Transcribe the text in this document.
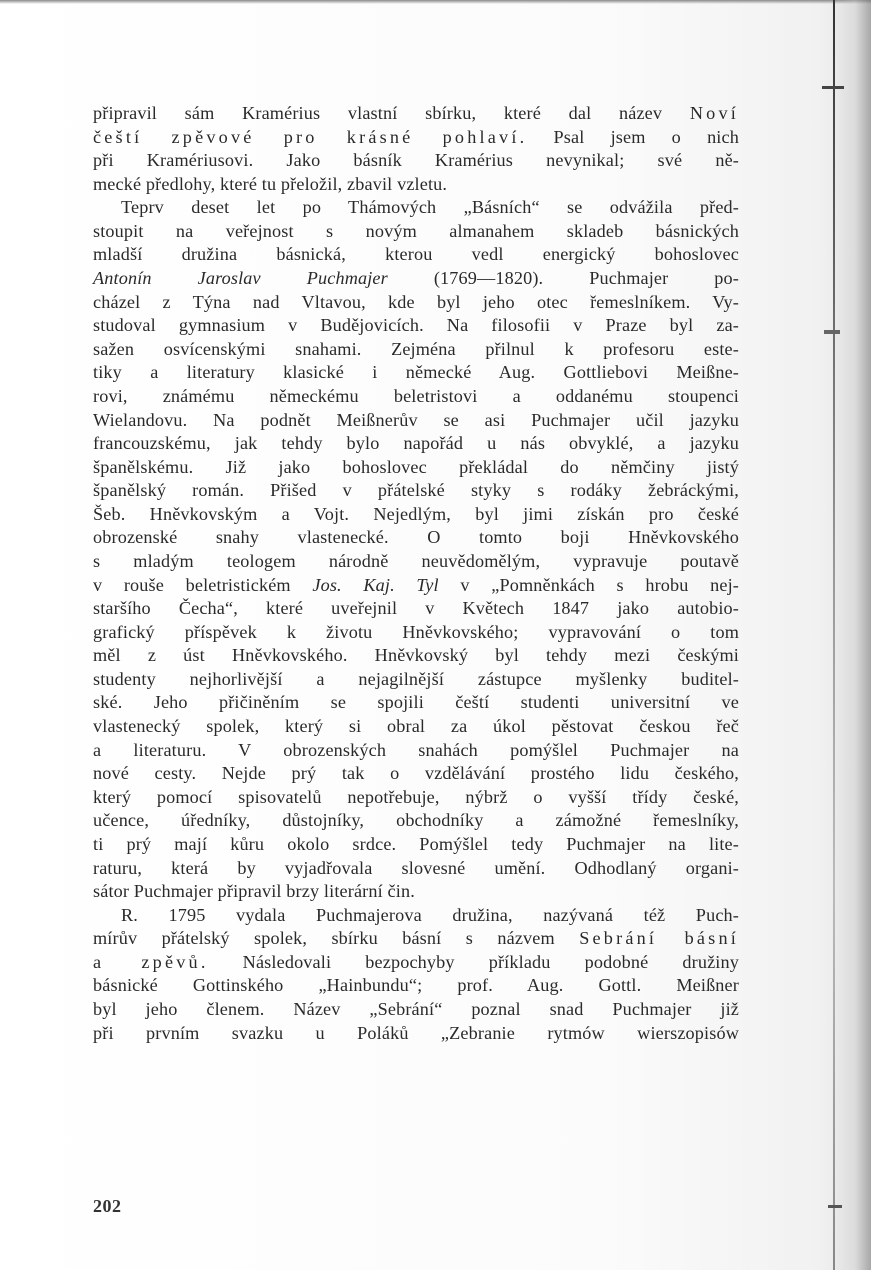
připravil sám Kramérius vlastní sbírku, které dal název Noví
čeští zpěvové pro krásné pohlaví. Psal jsem o nich
při Kramériusovi. Jako básník Kramérius nevynikal; své ně-
mecké předlohy, které tu přeložil, zbavil vzletu.
Teprv deset let po Thámových „Básních“ se odvážila před-
stoupit na veřejnost s novým almanahem skladeb básnických
mladší družina básnická, kterou vedl energický bohoslovec
Antonín Jaroslav Puchmajer (1769—1820). Puchmajer po-
cházel z Týna nad Vltavou, kde byl jeho otec řemeslníkem. Vy-
studoval gymnasium v Budějovicích. Na filosofii v Praze byl za-
sažen osvícenskými snahami. Zejména přilnul k profesoru este-
tiky a literatury klasické i německé Aug. Gottliebovi Meißne-
rovi, známému německému beletristovi a oddanému stoupenci
Wielandovu. Na podnět Meißnerův se asi Puchmajer učil jazyku
francouzskému, jak tehdy bylo napořád u nás obvyklé, a jazyku
španělskému. Již jako bohoslovec překládal do němčiny jistý
španělský román. Přišed v přátelské styky s rodáky žebráckými,
Šeb. Hněvkovským a Vojt. Nejedlým, byl jimi získán pro české
obrozenské snahy vlastenecké. O tomto boji Hněvkovského
s mladým teologem národně neuvědomělým, vypravuje poutavě
v rouše beletristickém Jos. Kaj. Tyl v „Pomněnkách s hrobu nej-
staršího Čecha“, které uveřejnil v Květech 1847 jako autobio-
grafický příspěvek k životu Hněvkovského; vypravování o tom
měl z úst Hněvkovského. Hněvkovský byl tehdy mezi českými
studenty nejhorlivější a nejagilnější zástupce myšlenky buditel-
ské. Jeho přičiněním se spojili čeští studenti universitní ve
vlastenecký spolek, který si obral za úkol pěstovat českou řeč
a literaturu. V obrozenských snahách pomýšlel Puchmajer na
nové cesty. Nejde prý tak o vzdělávání prostého lidu českého,
který pomocí spisovatelů nepotřebuje, nýbrž o vyšší třídy české,
učence, úředníky, důstojníky, obchodníky a zámožné řemeslníky,
ti prý mají kůru okolo srdce. Pomýšlel tedy Puchmajer na lite-
raturu, která by vyjadřovala slovesné umění. Odhodlaný organi-
sátor Puchmajer připravil brzy literární čin.
R. 1795 vydala Puchmajerova družina, nazývaná též Puch-
mírův přátelský spolek, sbírku básní s názvem Sebrání básní
a zpěvů. Následovali bezpochyby příkladu podobné družiny
básnické Gottinského „Hainbundu“; prof. Aug. Gottl. Meißner
byl jeho členem. Název „Sebrání“ poznal snad Puchmajer již
při prvním svazku u Poláků „Zebranie rytmów wierszopisów
202
